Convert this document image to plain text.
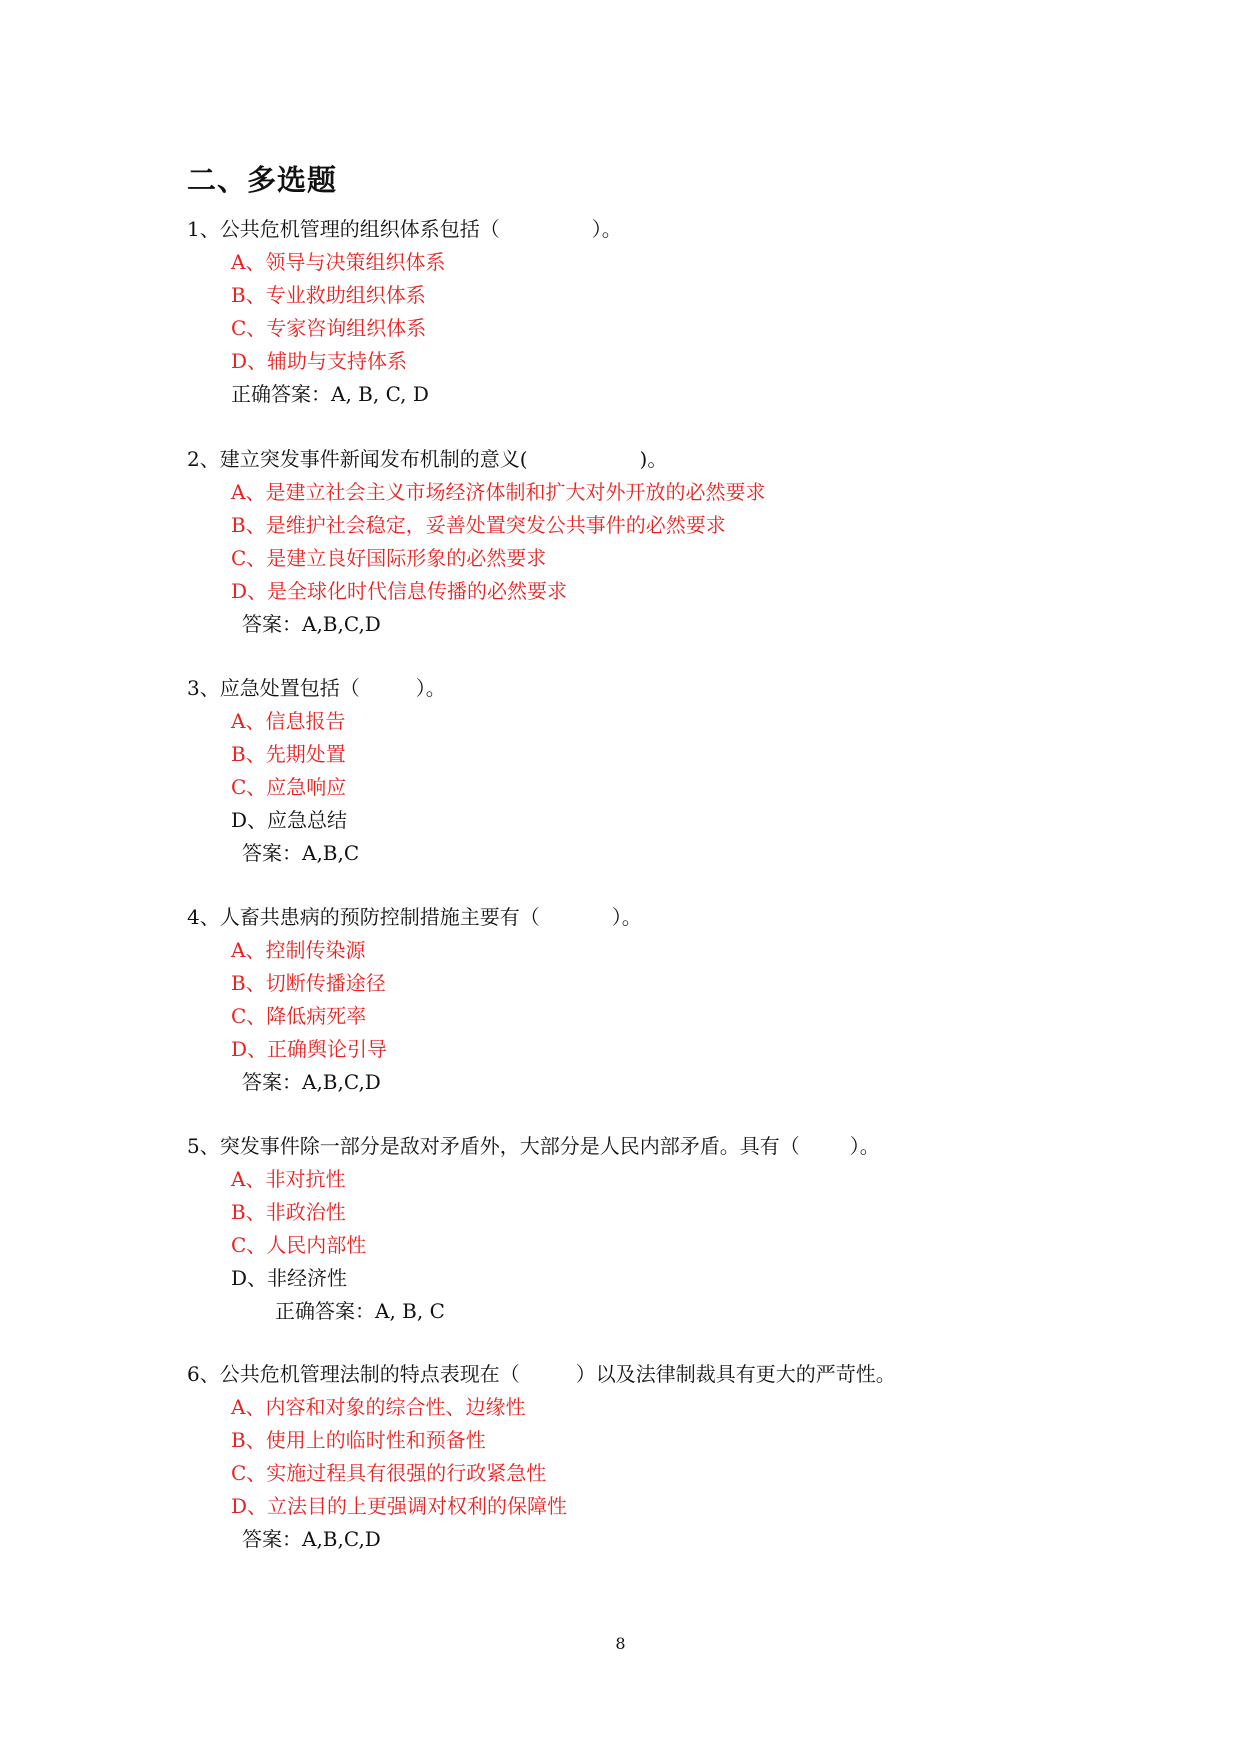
二、多选题
1、公共危机管理的组织体系包括（	）。
A、领导与决策组织体系
B、专业救助组织体系
C、专家咨询组织体系
D、辅助与支持体系
正确答案：A, B, C, D
2、建立突发事件新闻发布机制的意义(	)。
A、是建立社会主义市场经济体制和扩大对外开放的必然要求
B、是维护社会稳定，妥善处置突发公共事件的必然要求
C、是建立良好国际形象的必然要求
D、是全球化时代信息传播的必然要求
答案：A,B,C,D
3、应急处置包括（	）。
A、信息报告
B、先期处置
C、应急响应
D、应急总结
答案：A,B,C
4、人畜共患病的预防控制措施主要有（	）。
A、控制传染源
B、切断传播途径
C、降低病死率
D、正确舆论引导
答案：A,B,C,D
5、突发事件除一部分是敌对矛盾外，大部分是人民内部矛盾。具有（	）。
A、非对抗性
B、非政治性
C、人民内部性
D、非经济性
正确答案：A, B, C
6、公共危机管理法制的特点表现在（	）以及法律制裁具有更大的严苛性。
A、内容和对象的综合性、边缘性
B、使用上的临时性和预备性
C、实施过程具有很强的行政紧急性
D、立法目的上更强调对权利的保障性
答案：A,B,C,D
8
